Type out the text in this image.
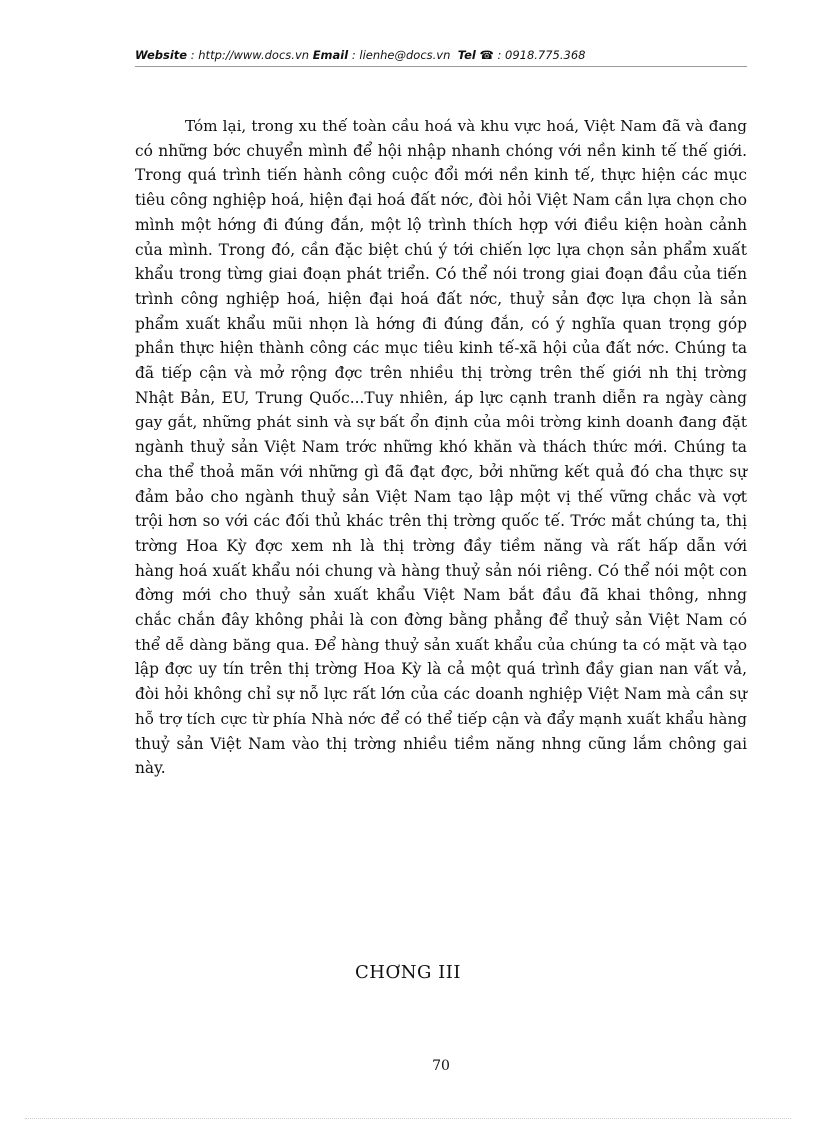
Website : http://www.docs.vn Email : lienhe@docs.vn Tel ☎ : 0918.775.368
Tóm lại, trong xu thế toàn cầu hoá và khu vực hoá, Việt Nam đã và đang
có những bớc chuyển mình để hội nhập nhanh chóng với nền kinh tế thế giới.
Trong quá trình tiến hành công cuộc đổi mới nền kinh tế, thực hiện các mục
tiêu công nghiệp hoá, hiện đại hoá đất nớc, đòi hỏi Việt Nam cần lựa chọn cho
mình một hớng đi đúng đắn, một lộ trình thích hợp với điều kiện hoàn cảnh
của mình. Trong đó, cần đặc biệt chú ý tới chiến lợc lựa chọn sản phẩm xuất
khẩu trong từng giai đoạn phát triển. Có thể nói trong giai đoạn đầu của tiến
trình công nghiệp hoá, hiện đại hoá đất nớc, thuỷ sản đợc lựa chọn là sản
phẩm xuất khẩu mũi nhọn là hớng đi đúng đắn, có ý nghĩa quan trọng góp
phần thực hiện thành công các mục tiêu kinh tế-xã hội của đất nớc. Chúng ta
đã tiếp cận và mở rộng đợc trên nhiều thị trờng trên thế giới nh thị trờng
Nhật Bản, EU, Trung Quốc...Tuy nhiên, áp lực cạnh tranh diễn ra ngày càng
gay gắt, những phát sinh và sự bất ổn định của môi trờng kinh doanh đang đặt
ngành thuỷ sản Việt Nam trớc những khó khăn và thách thức mới. Chúng ta
cha thể thoả mãn với những gì đã đạt đợc, bởi những kết quả đó cha thực sự
đảm bảo cho ngành thuỷ sản Việt Nam tạo lập một vị thế vững chắc và vợt
trội hơn so với các đối thủ khác trên thị trờng quốc tế. Trớc mắt chúng ta, thị
trờng Hoa Kỳ đợc xem nh là thị trờng đầy tiềm năng và rất hấp dẫn với
hàng hoá xuất khẩu nói chung và hàng thuỷ sản nói riêng. Có thể nói một con
đờng mới cho thuỷ sản xuất khẩu Việt Nam bắt đầu đã khai thông, nhng
chắc chắn đây không phải là con đờng bằng phẳng để thuỷ sản Việt Nam có
thể dễ dàng băng qua. Để hàng thuỷ sản xuất khẩu của chúng ta có mặt và tạo
lập đợc uy tín trên thị trờng Hoa Kỳ là cả một quá trình đầy gian nan vất vả,
đòi hỏi không chỉ sự nỗ lực rất lớn của các doanh nghiệp Việt Nam mà cần sự
hỗ trợ tích cực từ phía Nhà nớc để có thể tiếp cận và đẩy mạnh xuất khẩu hàng
thuỷ sản Việt Nam vào thị trờng nhiều tiềm năng nhng cũng lắm chông gai
này.
CHƠNG III
70
